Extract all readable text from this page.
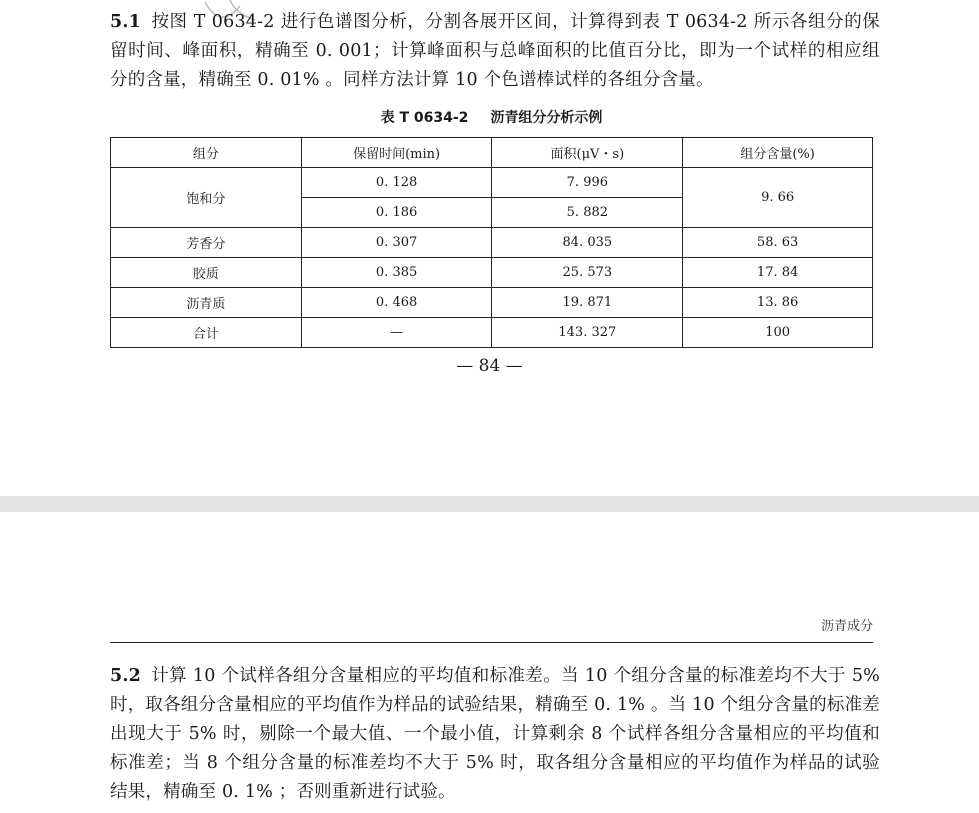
5.1 按图 T 0634-2 进行色谱图分析，分割各展开区间，计算得到表 T 0634-2 所示各组分的保留时间、峰面积，精确至 0. 001；计算峰面积与总峰面积的比值百分比，即为一个试样的相应组分的含量，精确至 0. 01% 。同样方法计算 10 个色谱棒试样的各组分含量。
表 T 0634-2 沥青组分分析示例
组分	保留时间(min)	面积(μV・s)	组分含量(%)
饱和分	0. 128	7. 996	9. 66
	0. 186	5. 882	
芳香分	0. 307	84. 035	58. 63
胶质	0. 385	25. 573	17. 84
沥青质	0. 468	19. 871	13. 86
合计	—	143. 327	100
— 84 —
沥青成分
5.2 计算 10 个试样各组分含量相应的平均值和标准差。当 10 个组分含量的标准差均不大于 5% 时，取各组分含量相应的平均值作为样品的试验结果，精确至 0. 1% 。当 10 个组分含量的标准差出现大于 5% 时，剔除一个最大值、一个最小值，计算剩余 8 个试样各组分含量相应的平均值和标准差；当 8 个组分含量的标准差均不大于 5% 时，取各组分含量相应的平均值作为样品的试验结果，精确至 0. 1% ；否则重新进行试验。
